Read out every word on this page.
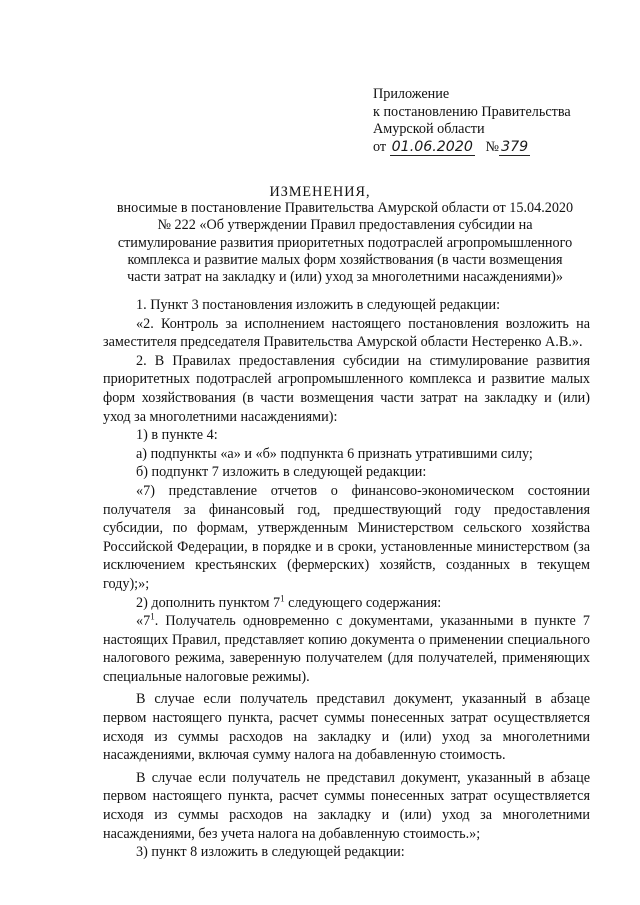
Приложение
к постановлению Правительства
Амурской области
от 01.06.2020 № 379
ИЗМЕНЕНИЯ,
вносимые в постановление Правительства Амурской области от 15.04.2020
№ 222 «Об утверждении Правил предоставления субсидии на
стимулирование развития приоритетных подотраслей агропромышленного
комплекса и развитие малых форм хозяйствования (в части возмещения
части затрат на закладку и (или) уход за многолетними насаждениями)»
1. Пункт 3 постановления изложить в следующей редакции:
«2. Контроль за исполнением настоящего постановления возложить на заместителя председателя Правительства Амурской области Нестеренко А.В.».
2. В Правилах предоставления субсидии на стимулирование развития приоритетных подотраслей агропромышленного комплекса и развитие малых форм хозяйствования (в части возмещения части затрат на закладку и (или) уход за многолетними насаждениями):
1) в пункте 4:
а) подпункты «а» и «б» подпункта 6 признать утратившими силу;
б) подпункт 7 изложить в следующей редакции:
«7) представление отчетов о финансово-экономическом состоянии получателя за финансовый год, предшествующий году предоставления субсидии, по формам, утвержденным Министерством сельского хозяйства Российской Федерации, в порядке и в сроки, установленные министерством (за исключением крестьянских (фермерских) хозяйств, созданных в текущем году);»;
2) дополнить пунктом $7^1$ следующего содержания:
«$7^1$. Получатель одновременно с документами, указанными в пункте 7 настоящих Правил, представляет копию документа о применении специального налогового режима, заверенную получателем (для получателей, применяющих специальные налоговые режимы).
В случае если получатель представил документ, указанный в абзаце первом настоящего пункта, расчет суммы понесенных затрат осуществляется исходя из суммы расходов на закладку и (или) уход за многолетними насаждениями, включая сумму налога на добавленную стоимость.
В случае если получатель не представил документ, указанный в абзаце первом настоящего пункта, расчет суммы понесенных затрат осуществляется исходя из суммы расходов на закладку и (или) уход за многолетними насаждениями, без учета налога на добавленную стоимость.»;
3) пункт 8 изложить в следующей редакции:
